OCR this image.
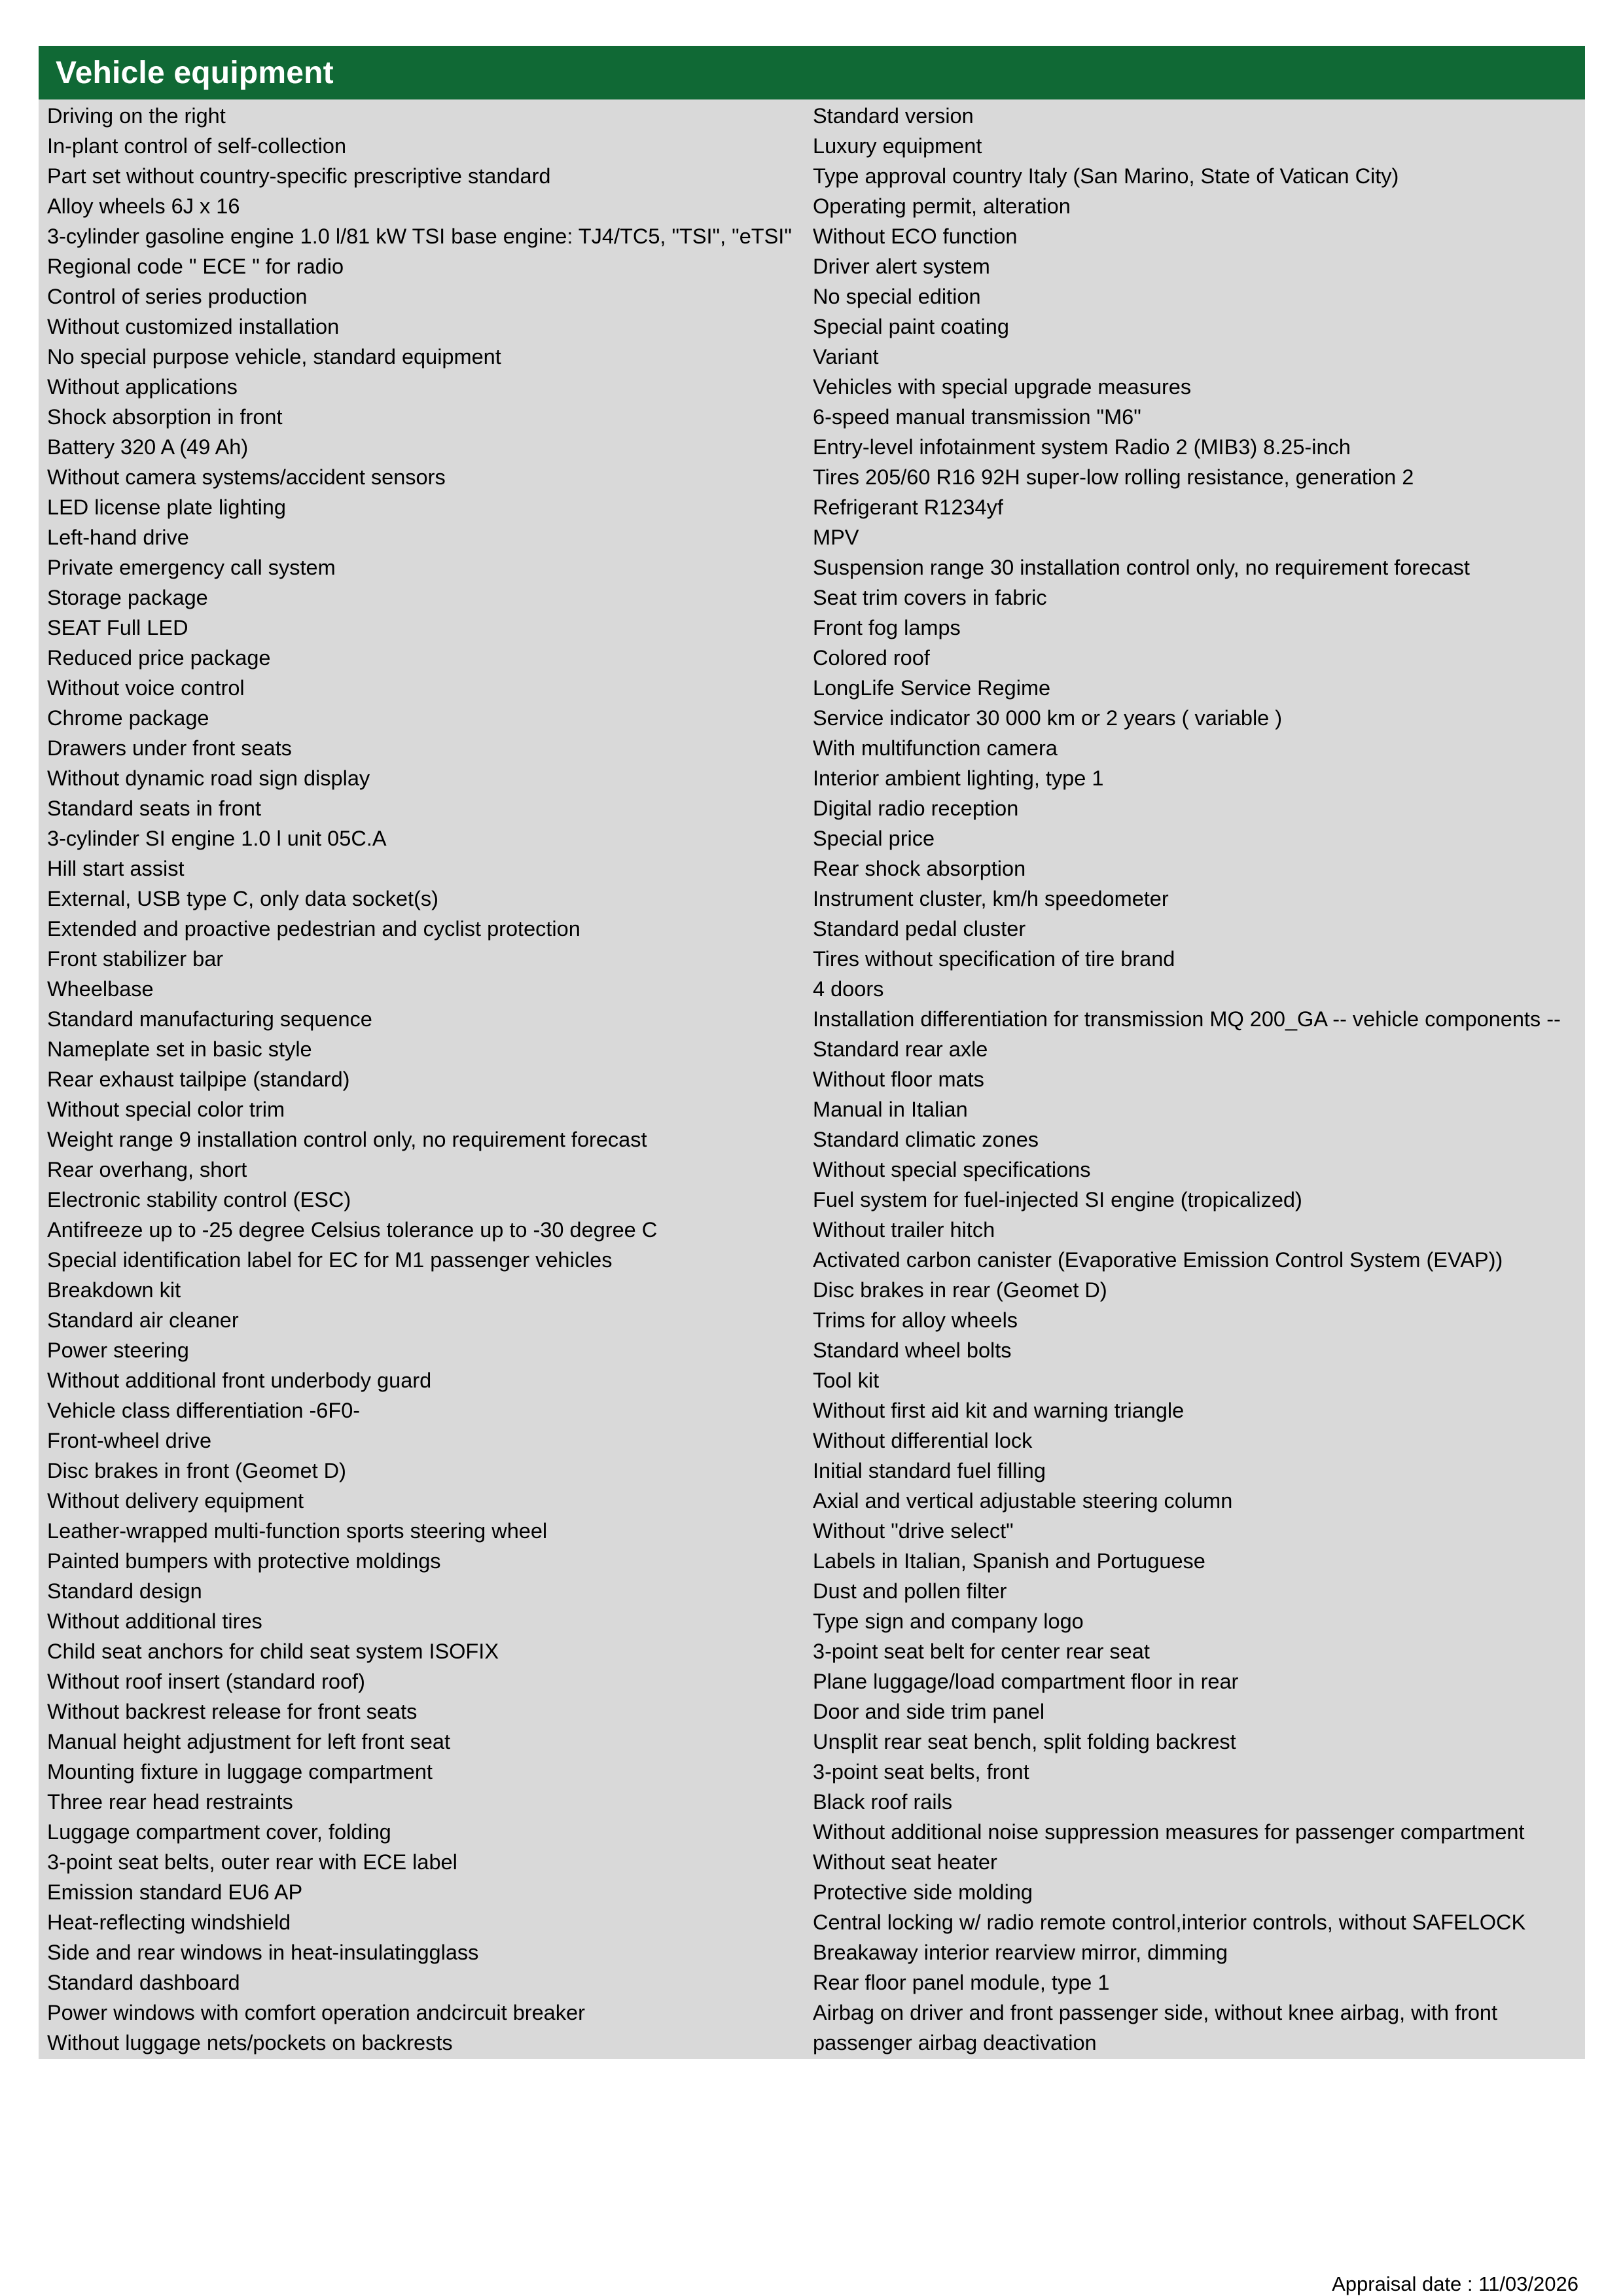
Vehicle equipment
Driving on the right
In-plant control of self-collection
Part set without country-specific prescriptive standard
Alloy wheels 6J x 16
3-cylinder gasoline engine 1.0 l/81 kW TSI base engine: TJ4/TC5, "TSI", "eTSI"
Regional code " ECE " for radio
Control of series production
Without customized installation
No special purpose vehicle, standard equipment
Without applications
Shock absorption in front
Battery 320 A (49 Ah)
Without camera systems/accident sensors
LED license plate lighting
Left-hand drive
Private emergency call system
Storage package
SEAT Full LED
Reduced price package
Without voice control
Chrome package
Drawers under front seats
Without dynamic road sign display
Standard seats in front
3-cylinder SI engine 1.0 l unit 05C.A
Hill start assist
External, USB type C, only data socket(s)
Extended and proactive pedestrian and cyclist protection
Front stabilizer bar
Wheelbase
Standard manufacturing sequence
Nameplate set in basic style
Rear exhaust tailpipe (standard)
Without special color trim
Weight range 9 installation control only, no requirement forecast
Rear overhang, short
Electronic stability control (ESC)
Antifreeze up to -25 degree Celsius tolerance up to -30 degree C
Special identification label for EC for M1 passenger vehicles
Breakdown kit
Standard air cleaner
Power steering
Without additional front underbody guard
Vehicle class differentiation -6F0-
Front-wheel drive
Disc brakes in front (Geomet D)
Without delivery equipment
Leather-wrapped multi-function sports steering wheel
Painted bumpers with protective moldings
Standard design
Without additional tires
Child seat anchors for child seat system ISOFIX
Without roof insert (standard roof)
Without backrest release for front seats
Manual height adjustment for left front seat
Mounting fixture in luggage compartment
Three rear head restraints
Luggage compartment cover, folding
3-point seat belts, outer rear with ECE label
Emission standard EU6 AP
Heat-reflecting windshield
Side and rear windows in heat-insulatingglass
Standard dashboard
Power windows with comfort operation andcircuit breaker
Without luggage nets/pockets on backrests
Standard version
Luxury equipment
Type approval country Italy (San Marino, State of Vatican City)
Operating permit, alteration
Without ECO function
Driver alert system
No special edition
Special paint coating
Variant
Vehicles with special upgrade measures
6-speed manual transmission "M6"
Entry-level infotainment system Radio 2 (MIB3) 8.25-inch
Tires 205/60 R16 92H super-low rolling resistance, generation 2
Refrigerant R1234yf
MPV
Suspension range 30 installation control only, no requirement forecast
Seat trim covers in fabric
Front fog lamps
Colored roof
LongLife Service Regime
Service indicator 30 000 km or 2 years ( variable )
With multifunction camera
Interior ambient lighting, type 1
Digital radio reception
Special price
Rear shock absorption
Instrument cluster, km/h speedometer
Standard pedal cluster
Tires without specification of tire brand
4 doors
Installation differentiation for transmission MQ 200_GA -- vehicle components --
Standard rear axle
Without floor mats
Manual in Italian
Standard climatic zones
Without special specifications
Fuel system for fuel-injected SI engine (tropicalized)
Without trailer hitch
Activated carbon canister (Evaporative Emission Control System (EVAP))
Disc brakes in rear (Geomet D)
Trims for alloy wheels
Standard wheel bolts
Tool kit
Without first aid kit and warning triangle
Without differential lock
Initial standard fuel filling
Axial and vertical adjustable steering column
Without "drive select"
Labels in Italian, Spanish and Portuguese
Dust and pollen filter
Type sign and company logo
3-point seat belt for center rear seat
Plane luggage/load compartment floor in rear
Door and side trim panel
Unsplit rear seat bench, split folding backrest
3-point seat belts, front
Black roof rails
Without additional noise suppression measures for passenger compartment
Without seat heater
Protective side molding
Central locking w/ radio remote control,interior controls, without SAFELOCK
Breakaway interior rearview mirror, dimming
Rear floor panel module, type 1
Airbag on driver and front passenger side, without knee airbag, with front passenger airbag deactivation
Appraisal date : 11/03/2026
